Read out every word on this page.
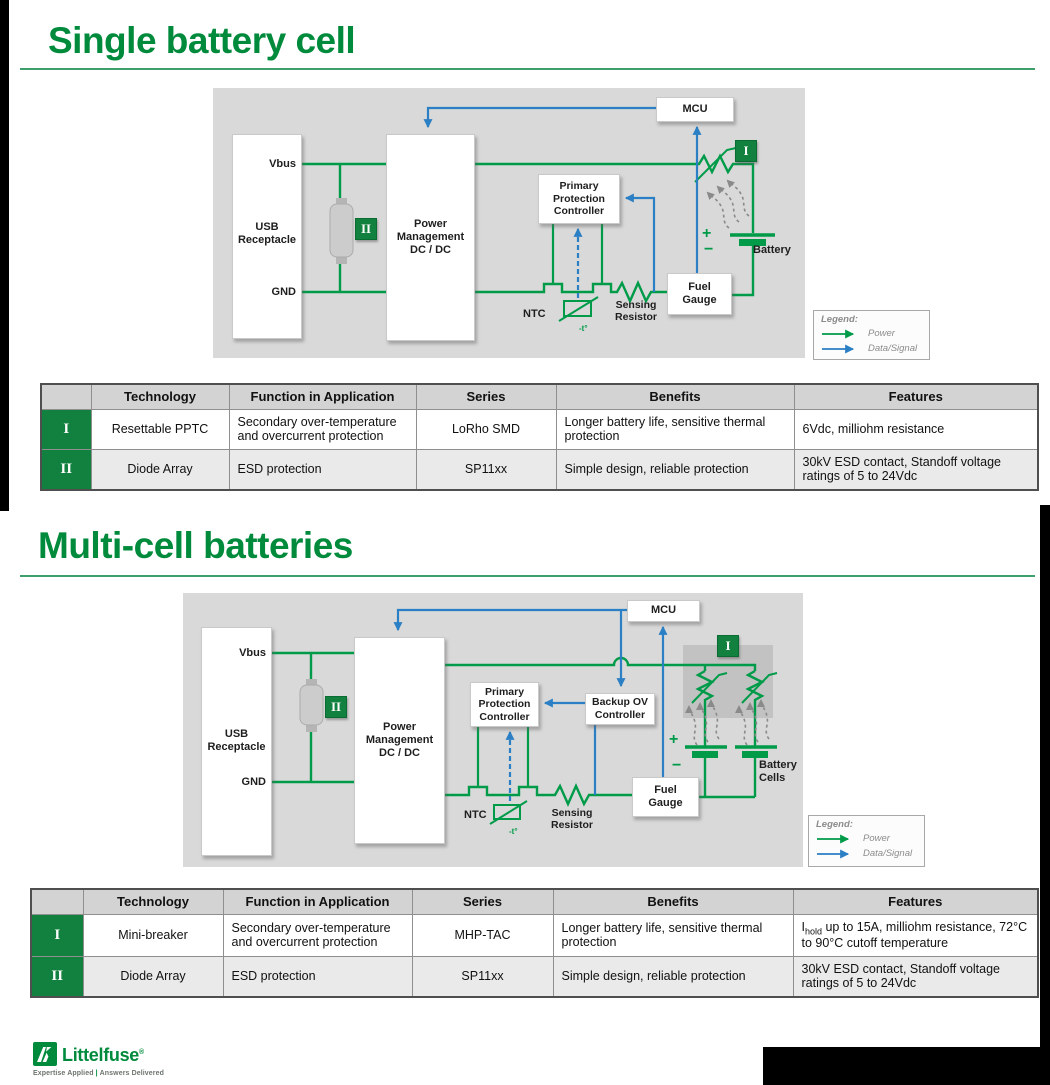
Single battery cell
+
−
-t°
Vbus
USB
Receptacle
GND
Power
Management
DC / DC
Primary
Protection
Controller
MCU
Fuel
Gauge
II
I
NTC
Sensing
Resistor
Battery
Legend:
Power
Data/Signal
	Technology	Function in Application	Series	Benefits	Features
I	Resettable PPTC	Secondary over-temperature and overcurrent protection	LoRho SMD	Longer battery life, sensitive thermal protection	6Vdc, milliohm resistance
II	Diode Array	ESD protection	SP11xx	Simple design, reliable protection	30kV ESD contact, Standoff voltage ratings of 5 to 24Vdc
Multi-cell batteries
+
−
-t°
Vbus
USB
Receptacle
GND
Power
Management
DC / DC
Primary
Protection
Controller
Backup OV
Controller
MCU
Fuel
Gauge
II
I
NTC	Sensing
Resistor
Battery
Cells
Legend:
Power
Data/Signal
	Technology	Function in Application	Series	Benefits	Features
I	Mini-breaker	Secondary over-temperature and overcurrent protection	MHP-TAC	Longer battery life, sensitive thermal protection	$I_{hold}$ up to 15A, milliohm resistance, 72°C to 90°C cutoff temperature
II	Diode Array	ESD protection	SP11xx	Simple design, reliable protection	30kV ESD contact, Standoff voltage ratings of 5 to 24Vdc
Littelfuse®
Expertise Applied | Answers Delivered
